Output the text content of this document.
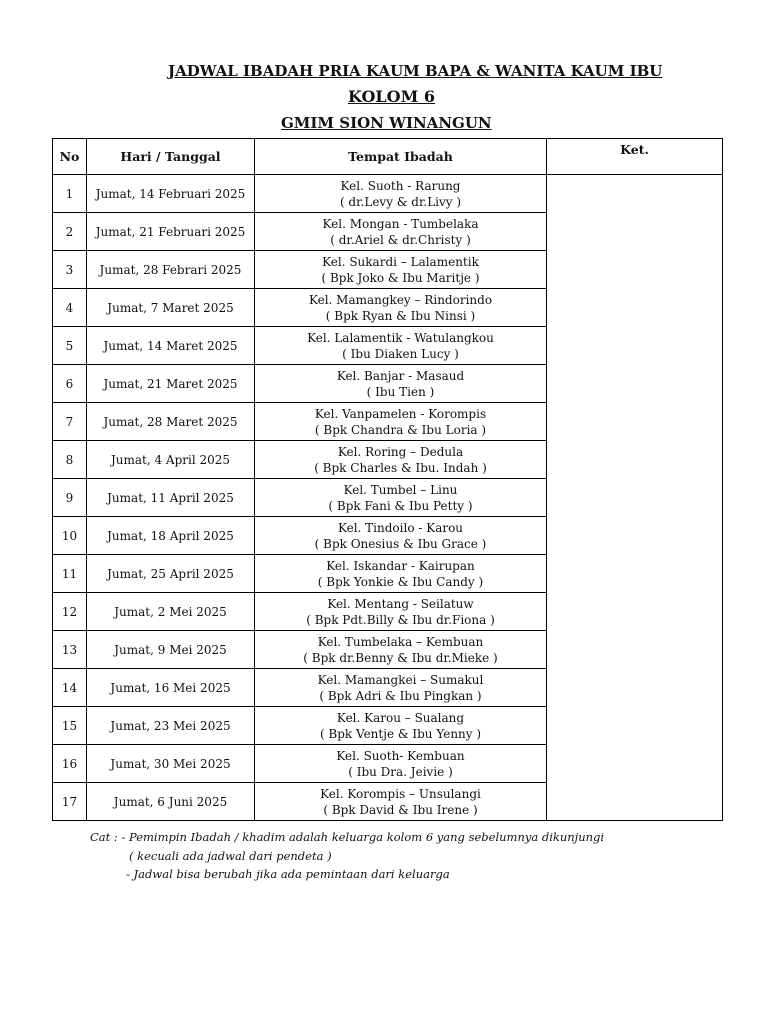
JADWAL IBADAH PRIA KAUM BAPA & WANITA KAUM IBU
KOLOM 6
GMIM SION WINANGUN
No	Hari / Tanggal	Tempat Ibadah	Ket.
1	Jumat, 14 Februari 2025	Kel. Suoth - Rarung
( dr.Levy & dr.Livy )	

2	Jumat, 21 Februari 2025	Kel. Mongan - Tumbelaka
( dr.Ariel & dr.Christy )	

3	Jumat, 28 Febrari 2025	Kel. Sukardi – Lalamentik
( Bpk Joko & Ibu Maritje )	

4	Jumat, 7 Maret 2025	Kel. Mamangkey – Rindorindo
( Bpk Ryan & Ibu Ninsi )	

5	Jumat, 14 Maret 2025	Kel. Lalamentik - Watulangkou
( Ibu Diaken Lucy )	

6	Jumat, 21 Maret 2025	Kel. Banjar - Masaud
( Ibu Tien )	

7	Jumat, 28 Maret 2025	Kel. Vanpamelen - Korompis
( Bpk Chandra & Ibu Loria )	

8	Jumat, 4 April 2025	Kel. Roring – Dedula
( Bpk Charles & Ibu. Indah )	

9	Jumat, 11 April 2025	Kel. Tumbel – Linu
( Bpk Fani & Ibu Petty )	

10	Jumat, 18 April 2025	Kel. Tindoilo - Karou
( Bpk Onesius & Ibu Grace )	

11	Jumat, 25 April 2025	Kel. Iskandar - Kairupan
( Bpk Yonkie & Ibu Candy )	

12	Jumat, 2 Mei 2025	Kel. Mentang - Seilatuw
( Bpk Pdt.Billy & Ibu dr.Fiona )	

13	Jumat, 9 Mei 2025	Kel. Tumbelaka – Kembuan
( Bpk dr.Benny & Ibu dr.Mieke )	

14	Jumat, 16 Mei 2025	Kel. Mamangkei – Sumakul
( Bpk Adri & Ibu Pingkan )	

15	Jumat, 23 Mei 2025	Kel. Karou – Sualang
( Bpk Ventje & Ibu Yenny )	

16	Jumat, 30 Mei 2025	Kel. Suoth- Kembuan
( Ibu Dra. Jeivie )	

17	Jumat, 6 Juni 2025	Kel. Korompis – Unsulangi
( Bpk David & Ibu Irene )	
Cat : - Pemimpin Ibadah / khadim adalah keluarga kolom 6 yang sebelumnya dikunjungi
( kecuali ada jadwal dari pendeta )
- Jadwal bisa berubah jika ada pemintaan dari keluarga
